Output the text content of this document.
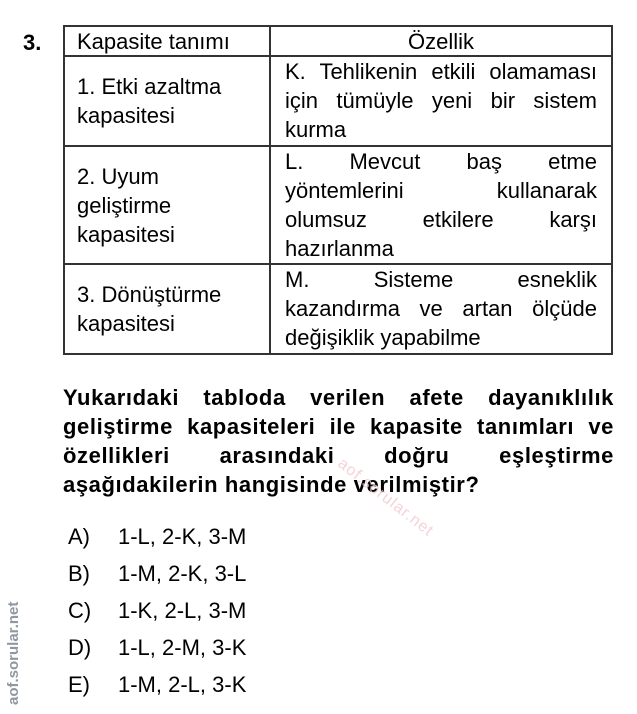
3. Kapasite tanımı	Özellik

1. Etki azaltma
kapasitesi	K. Tehlikenin etkili olamaması için tümüyle yeni bir sistem kurma

2. Uyum
geliştirme
kapasitesi	L. Mevcut baş etme yöntemlerini kullanarak olumsuz etkilere karşı hazırlanma

3. Dönüştürme
kapasitesi	M. Sisteme esneklik kazandırma ve artan ölçüde değişiklik yapabilme
Yukarıdaki tabloda verilen afete dayanıklılık geliştirme kapasiteleri ile kapasite tanımları ve özellikleri arasındaki doğru eşleştirme aşağıdakilerin hangisinde verilmiştir?
aof.sorular.net
A)	1-L, 2-K, 3-M
B)	1-M, 2-K, 3-L
C)	1-K, 2-L, 3-M
D)	1-L, 2-M, 3-K
E)	1-M, 2-L, 3-K
aof.sorular.net
